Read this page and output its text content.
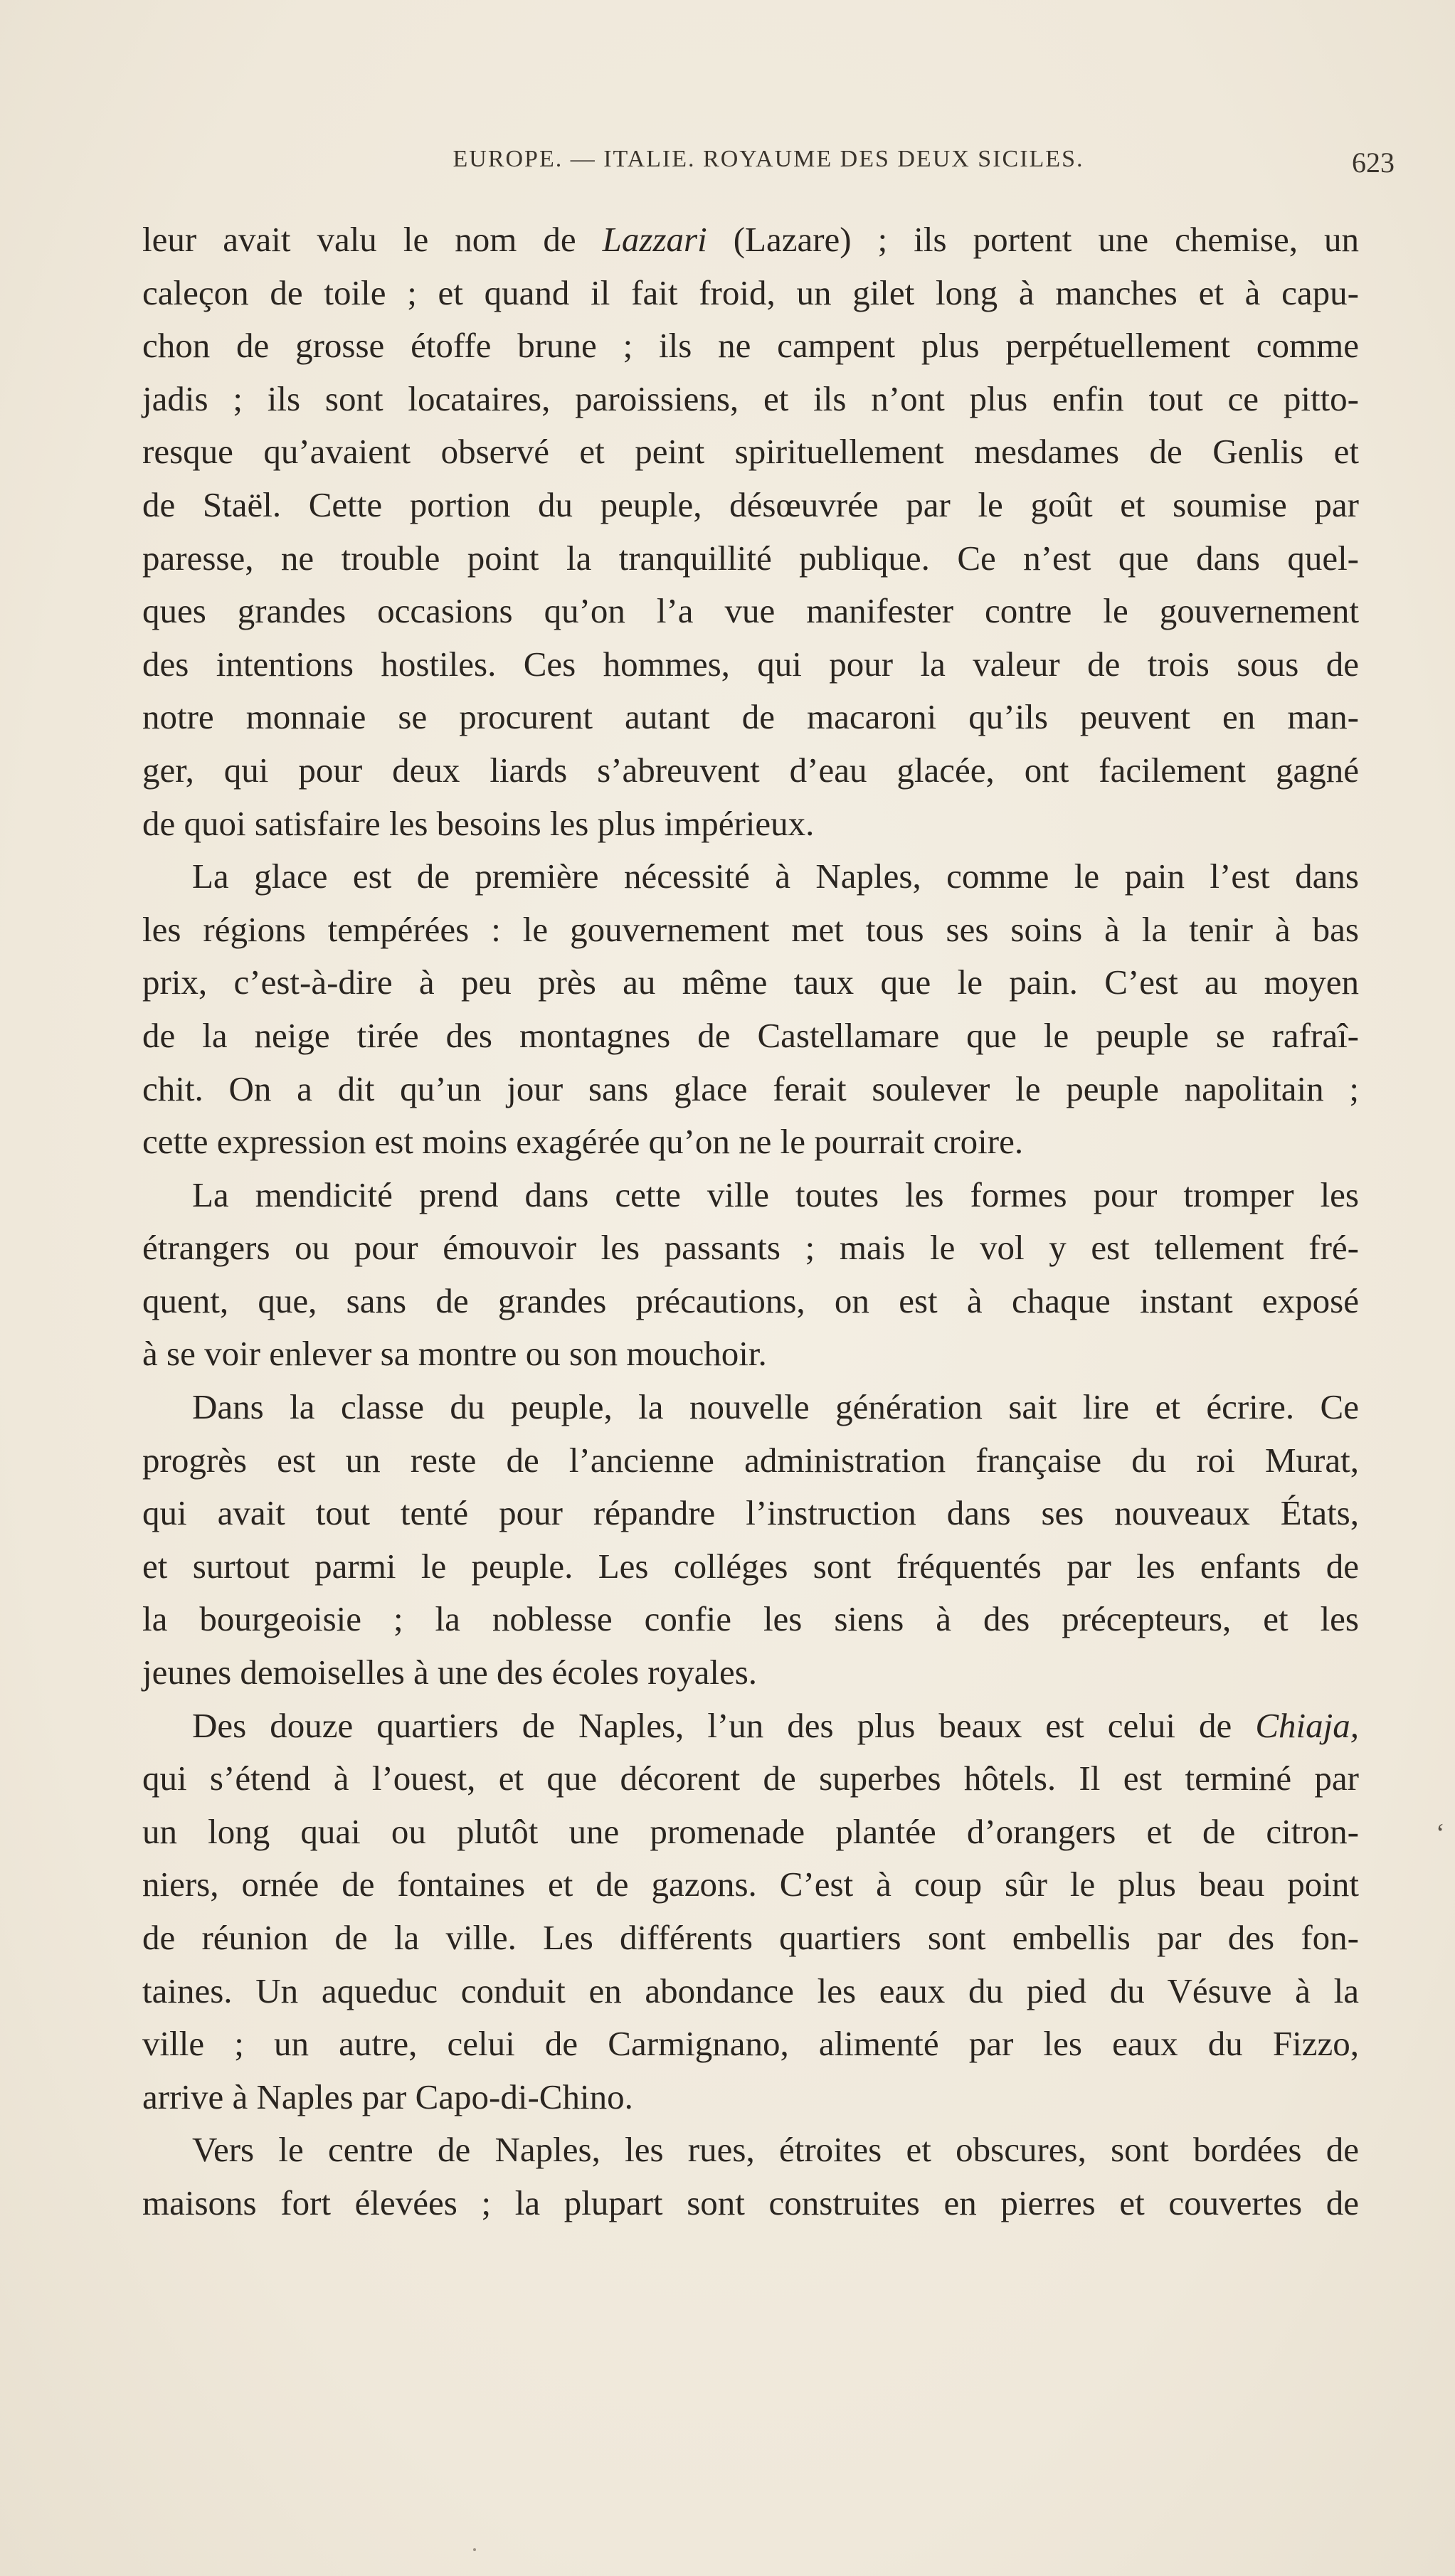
EUROPE. — ITALIE. ROYAUME DES DEUX SICILES.	623
leur avait valu le nom de Lazzari (Lazare) ; ils portent une chemise, un
caleçon de toile ; et quand il fait froid, un gilet long à manches et à capu-
chon de grosse étoffe brune ; ils ne campent plus perpétuellement comme
jadis ; ils sont locataires, paroissiens, et ils n’ont plus enfin tout ce pitto-
resque qu’avaient observé et peint spirituellement mesdames de Genlis et
de Staël. Cette portion du peuple, désœuvrée par le goût et soumise par
paresse, ne trouble point la tranquillité publique. Ce n’est que dans quel-
ques grandes occasions qu’on l’a vue manifester contre le gouvernement
des intentions hostiles. Ces hommes, qui pour la valeur de trois sous de
notre monnaie se procurent autant de macaroni qu’ils peuvent en man-
ger, qui pour deux liards s’abreuvent d’eau glacée, ont facilement gagné
de quoi satisfaire les besoins les plus impérieux.
La glace est de première nécessité à Naples, comme le pain l’est dans
les régions tempérées : le gouvernement met tous ses soins à la tenir à bas
prix, c’est-à-dire à peu près au même taux que le pain. C’est au moyen
de la neige tirée des montagnes de Castellamare que le peuple se rafraî-
chit. On a dit qu’un jour sans glace ferait soulever le peuple napolitain ;
cette expression est moins exagérée qu’on ne le pourrait croire.
La mendicité prend dans cette ville toutes les formes pour tromper les
étrangers ou pour émouvoir les passants ; mais le vol y est tellement fré-
quent, que, sans de grandes précautions, on est à chaque instant exposé
à se voir enlever sa montre ou son mouchoir.
Dans la classe du peuple, la nouvelle génération sait lire et écrire. Ce
progrès est un reste de l’ancienne administration française du roi Murat,
qui avait tout tenté pour répandre l’instruction dans ses nouveaux États,
et surtout parmi le peuple. Les colléges sont fréquentés par les enfants de
la bourgeoisie ; la noblesse confie les siens à des précepteurs, et les
jeunes demoiselles à une des écoles royales.
Des douze quartiers de Naples, l’un des plus beaux est celui de Chiaja,
qui s’étend à l’ouest, et que décorent de superbes hôtels. Il est terminé par
un long quai ou plutôt une promenade plantée d’orangers et de citron-
niers, ornée de fontaines et de gazons. C’est à coup sûr le plus beau point
de réunion de la ville. Les différents quartiers sont embellis par des fon-
taines. Un aqueduc conduit en abondance les eaux du pied du Vésuve à la
ville ; un autre, celui de Carmignano, alimenté par les eaux du Fizzo,
arrive à Naples par Capo-di-Chino.
Vers le centre de Naples, les rues, étroites et obscures, sont bordées de
maisons fort élevées ; la plupart sont construites en pierres et couvertes de
‘
